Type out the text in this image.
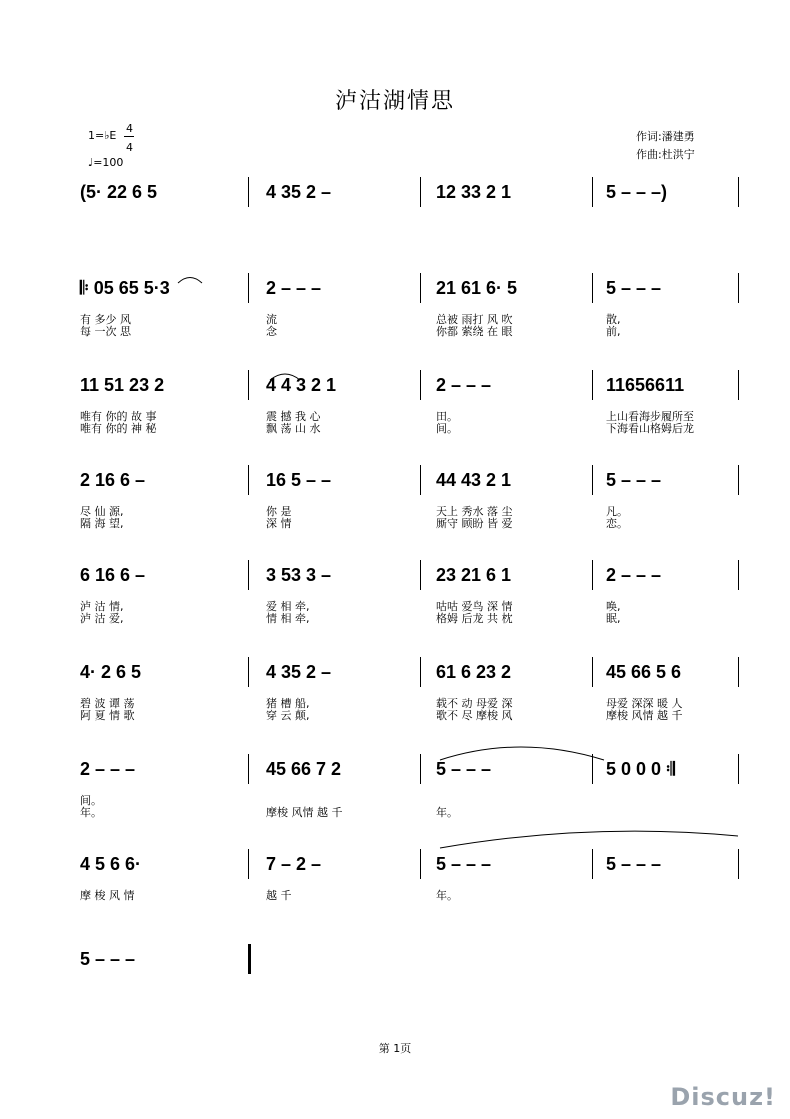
泸沽湖情思
1=♭E
4
4
♩=100
作词:潘建勇
作曲:杜洪宁
(5· 22 6 5	4 35 2 –	12 33 2 1	5 – – –)
𝄆 05 65 5·3	2 – – –	21 61 6· 5	5 – – –
有 多少 风	流	总被 雨打 风 吹	散,
每 一次 思	念	你都 萦绕 在 眼	前,
11 51 23 2	4 4 3 2 1	2 – – –	11656611
唯有 你的 故 事	震 撼 我 心	田。	上山看海步履所至
唯有 你的 神 秘	飘 荡 山 水	间。	下海看山格姆后龙
2 16 6 –	16 5 – –	44 43 2 1	5 – – –
尽 仙 源,	你 是	天上 秀水 落 尘	凡。
隔 海 望,	深 情	厮守 顾盼 皆 爱	恋。
6 16 6 –	3 53 3 –	23 21 6 1	2 – – –
泸 沽 情,	爱 相 牵,	咕咕 爱鸟 深 情	唤,
泸 沽 爱,	情 相 牵,	格姆 后龙 共 枕	眠,
4· 2 6 5	4 35 2 –	61 6 23 2	45 66 5 6
碧 波 谭 荡	猪 槽 船,	载不 动 母爱 深	母爱 深深 暖 人
阿 夏 情 歌	穿 云 颠,	歌不 尽 摩梭 风	摩梭 风情 越 千
2 – – –	45 66 7 2	5 – – –	5 0 0 0 𝄇
间。
年。	摩梭 风情 越 千	年。
4 5 6 6·	7 – 2 –	5 – – –	5 – – –
摩 梭 风 情	越 千	年。
5 – – –
第 1页
Discuz!
